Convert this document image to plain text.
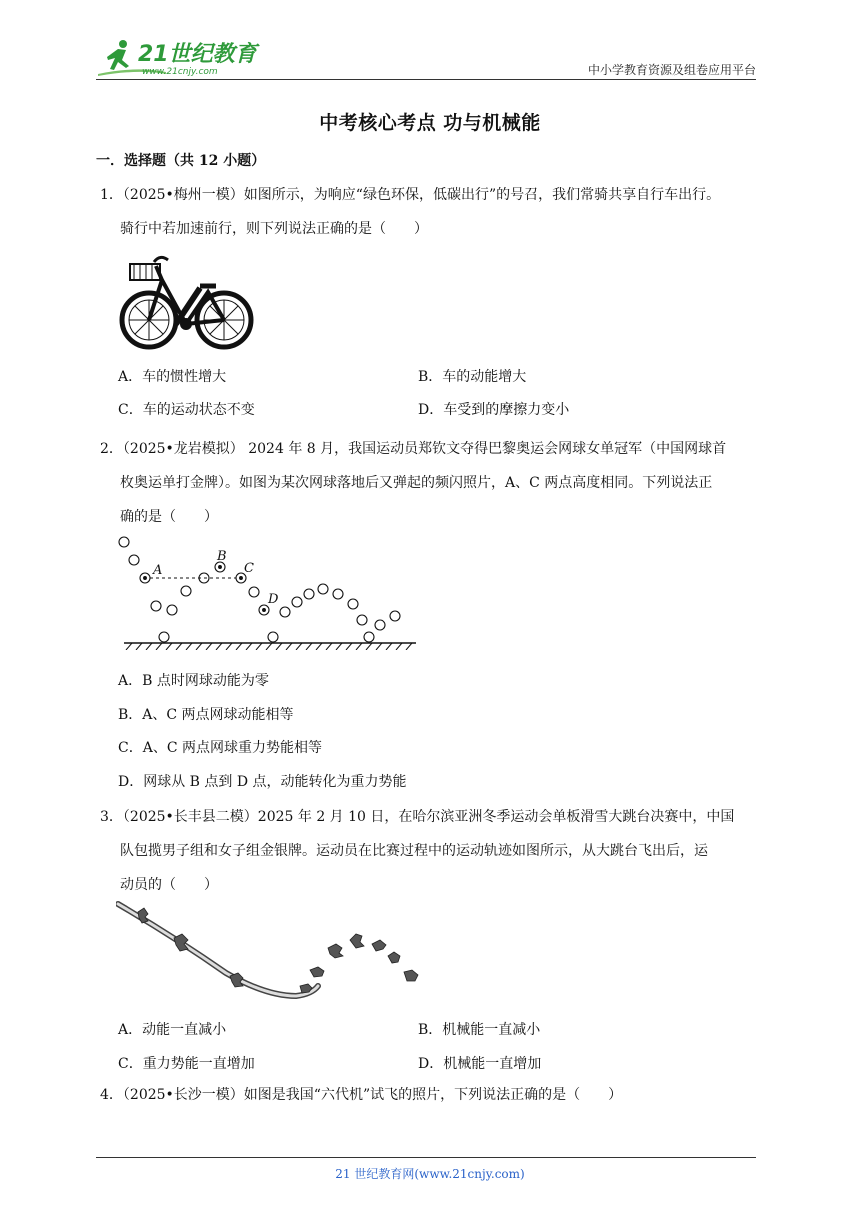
21世纪教育
www.21cnjy.com	中小学教育资源及组卷应用平台
中考核心考点 功与机械能
一．选择题（共 12 小题）
1．（2025•梅州一模）如图所示，为响应“绿色环保，低碳出行”的号召，我们常骑共享自行车出行。
骑行中若加速前行，则下列说法正确的是（　　）
A．车的惯性增大	B．车的动能增大
C．车的运动状态不变	D．车受到的摩擦力变小
2．（2025•龙岩模拟） 2024 年 8 月，我国运动员郑钦文夺得巴黎奥运会网球女单冠军（中国网球首
枚奥运单打金牌）。如图为某次网球落地后又弹起的频闪照片，A、C 两点高度相同。下列说法正
确的是（　　）
A
B
C
D
A．B 点时网球动能为零
B．A、C 两点网球动能相等
C．A、C 两点网球重力势能相等
D．网球从 B 点到 D 点，动能转化为重力势能
3．（2025•长丰县二模）2025 年 2 月 10 日，在哈尔滨亚洲冬季运动会单板滑雪大跳台决赛中，中国
队包揽男子组和女子组金银牌。运动员在比赛过程中的运动轨迹如图所示，从大跳台飞出后，运
动员的（　　）
A．动能一直减小	B．机械能一直减小
C．重力势能一直增加	D．机械能一直增加
4．（2025•长沙一模）如图是我国“六代机”试飞的照片，下列说法正确的是（　　）
21 世纪教育网(www.21cnjy.com)
